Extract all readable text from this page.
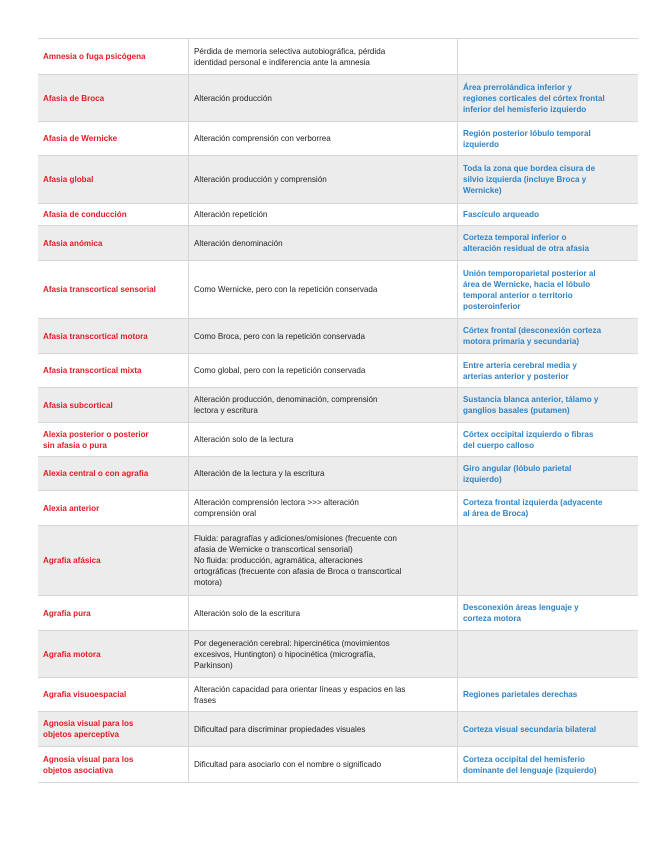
Amnesia o fuga psicógena	Pérdida de memoria selectiva autobiográfica, pérdida
identidad personal e indiferencia ante la amnesia	

Afasia de Broca	Alteración producción	Área prerrolándica inferior y
regiones corticales del córtex frontal
inferior del hemisferio izquierdo

Afasia de Wernicke	Alteración comprensión con verborrea	Región posterior lóbulo temporal
izquierdo

Afasia global	Alteración producción y comprensión	Toda la zona que bordea cisura de
silvio izquierda (incluye Broca y
Wernicke)

Afasia de conducción	Alteración repetición	Fascículo arqueado

Afasia anómica	Alteración denominación	Corteza temporal inferior o
alteración residual de otra afasia

Afasia transcortical sensorial	Como Wernicke, pero con la repetición conservada	Unión temporoparietal posterior al
área de Wernicke, hacia el lóbulo
temporal anterior o territorio
posteroinferior

Afasia transcortical motora	Como Broca, pero con la repetición conservada	Córtex frontal (desconexión corteza
motora primaria y secundaria)

Afasia transcortical mixta	Como global, pero con la repetición conservada	Entre arteria cerebral media y
arterias anterior y posterior

Afasia subcortical	Alteración producción, denominación, comprensión
lectora y escritura	Sustancia blanca anterior, tálamo y
ganglios basales (putamen)

Alexia posterior o posterior
sin afasia o pura	Alteración solo de la lectura	Córtex occipital izquierdo o fibras
del cuerpo calloso

Alexia central o con agrafia	Alteración de la lectura y la escritura	Giro angular (lóbulo parietal
izquierdo)

Alexia anterior	Alteración comprensión lectora >>> alteración
comprensión oral	Corteza frontal izquierda (adyacente
al área de Broca)

Agrafia afásica	Fluida: paragrafías y adiciones/omisiones (frecuente con
afasia de Wernicke o transcortical sensorial)
No fluida: producción, agramática, alteraciones
ortográficas (frecuente con afasia de Broca o transcortical
motora)	

Agrafia pura	Alteración solo de la escritura	Desconexión áreas lenguaje y
corteza motora

Agrafia motora	Por degeneración cerebral: hipercinética (movimientos
excesivos, Huntington) o hipocinética (micrografía,
Parkinson)	

Agrafia visuoespacial	Alteración capacidad para orientar líneas y espacios en las
frases	Regiones parietales derechas

Agnosia visual para los
objetos aperceptiva	Dificultad para discriminar propiedades visuales	Corteza visual secundaria bilateral

Agnosia visual para los
objetos asociativa	Dificultad para asociarlo con el nombre o significado	Corteza occipital del hemisferio
dominante del lenguaje (izquierdo)
